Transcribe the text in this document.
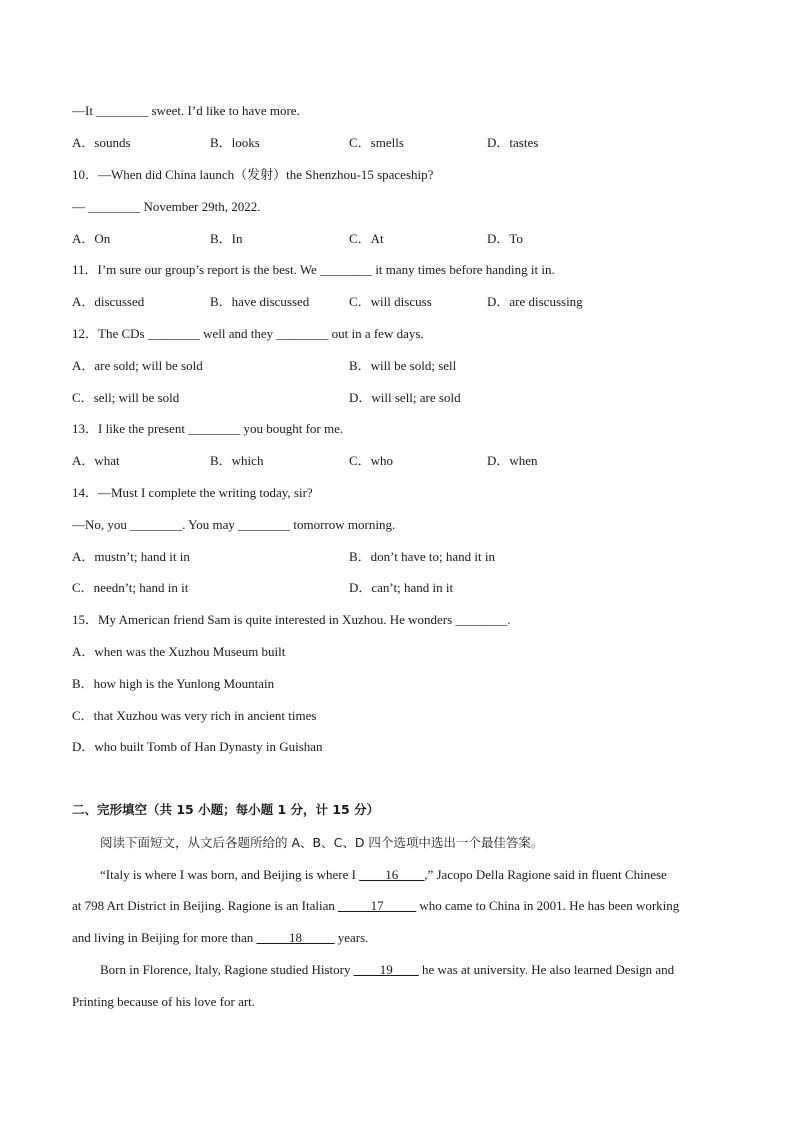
—It ________ sweet. I’d like to have more.
A．sounds	B．looks	C．smells	D．tastes
10．—When did China launch（发射）the Shenzhou-15 spaceship?
— ________ November 29th, 2022.
A．On	B．In	C．At	D．To
11．I’m sure our group’s report is the best. We ________ it many times before handing it in.
A．discussed	B．have discussed	C．will discuss	D．are discussing
12．The CDs ________ well and they ________ out in a few days.
A．are sold; will be sold	B．will be sold; sell
C．sell; will be sold	D．will sell; are sold
13．I like the present ________ you bought for me.
A．what	B．which	C．who	D．when
14．—Must I complete the writing today, sir?
—No, you ________. You may ________ tomorrow morning.
A．mustn’t; hand it in	B．don’t have to; hand it in
C．needn’t; hand in it	D．can’t; hand in it
15．My American friend Sam is quite interested in Xuzhou. He wonders ________.
A．when was the Xuzhou Museum built
B．how high is the Yunlong Mountain
C．that Xuzhou was very rich in ancient times
D．who built Tomb of Han Dynasty in Guishan
二、完形填空（共 15 小题；每小题 1 分，计 15 分）
阅读下面短文，从文后各题所给的 A、B、C、D 四个选项中选出一个最佳答案。
“Italy is where I was born, and Beijing is where I ____16____,” Jacopo Della Ragione said in fluent Chinese
at 798 Art District in Beijing. Ragione is an Italian _____17_____ who came to China in 2001. He has been working
and living in Beijing for more than _____18_____ years.
Born in Florence, Italy, Ragione studied History ____19____ he was at university. He also learned Design and
Printing because of his love for art.
